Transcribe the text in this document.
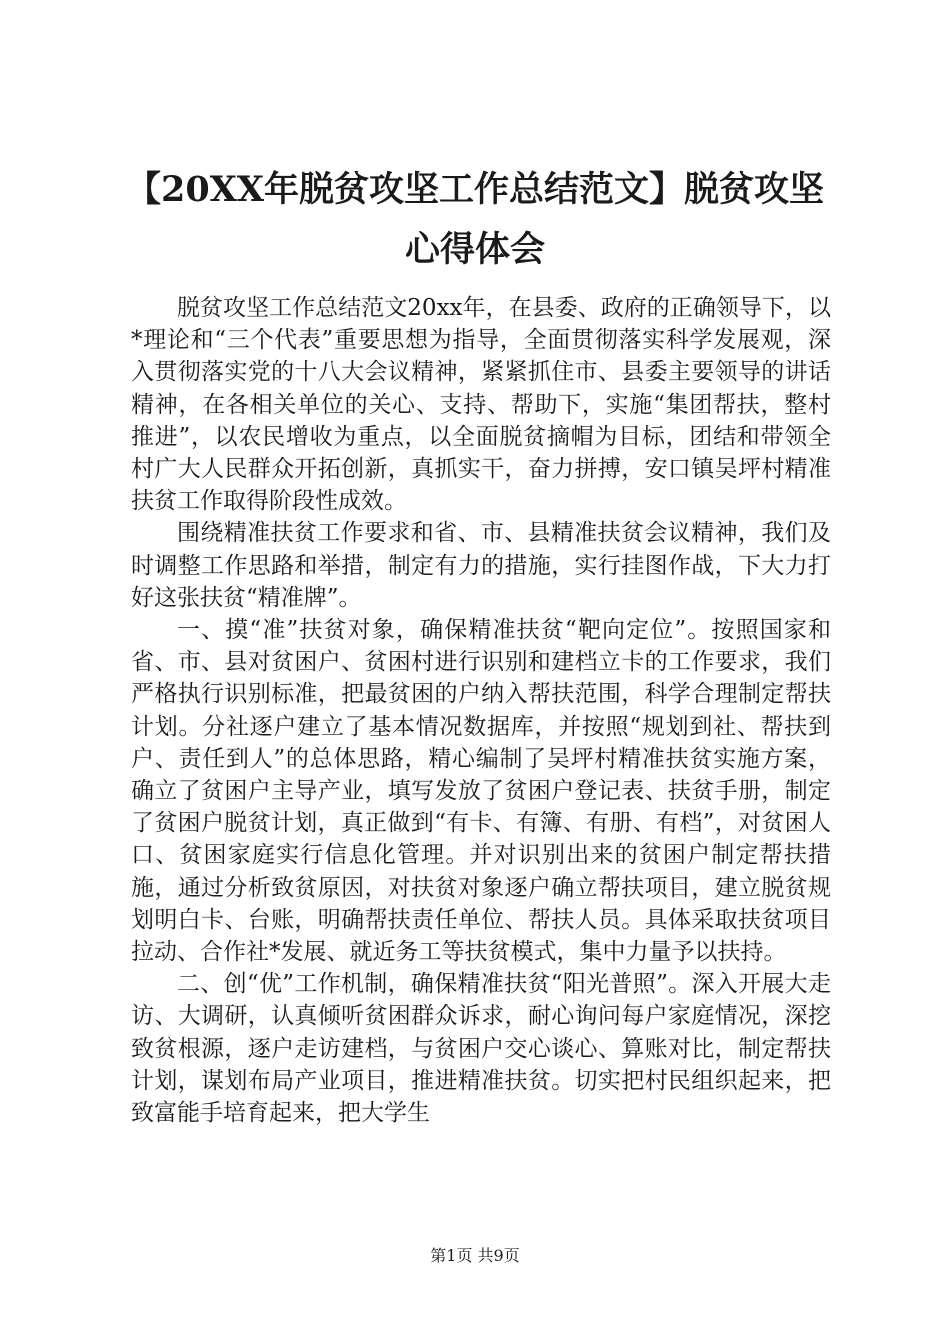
【20XX年脱贫攻坚工作总结范文】脱贫攻坚心得体会

脱贫攻坚工作总结范文20xx年，在县委、政府的正确领导下，以*理论和“三个代表”重要思想为指导，全面贯彻落实科学发展观，深入贯彻落实党的十八大会议精神，紧紧抓住市、县委主要领导的讲话精神，在各相关单位的关心、支持、帮助下，实施“集团帮扶，整村推进”，以农民增收为重点，以全面脱贫摘帽为目标，团结和带领全村广大人民群众开拓创新，真抓实干，奋力拼搏，安口镇吴坪村精准扶贫工作取得阶段性成效。

围绕精准扶贫工作要求和省、市、县精准扶贫会议精神，我们及时调整工作思路和举措，制定有力的措施，实行挂图作战，下大力打好这张扶贫“精准牌”。

一、摸“准”扶贫对象，确保精准扶贫“靶向定位”。按照国家和省、市、县对贫困户、贫困村进行识别和建档立卡的工作要求，我们严格执行识别标准，把最贫困的户纳入帮扶范围，科学合理制定帮扶计划。分社逐户建立了基本情况数据库，并按照“规划到社、帮扶到户、责任到人”的总体思路，精心编制了吴坪村精准扶贫实施方案，确立了贫困户主导产业，填写发放了贫困户登记表、扶贫手册，制定了贫困户脱贫计划，真正做到“有卡、有簿、有册、有档”，对贫困人口、贫困家庭实行信息化管理。并对识别出来的贫困户制定帮扶措施，通过分析致贫原因，对扶贫对象逐户确立帮扶项目，建立脱贫规划明白卡、台账，明确帮扶责任单位、帮扶人员。具体采取扶贫项目拉动、合作社*发展、就近务工等扶贫模式，集中力量予以扶持。

二、创“优”工作机制，确保精准扶贫“阳光普照”。深入开展大走访、大调研，认真倾听贫困群众诉求，耐心询问每户家庭情况，深挖致贫根源，逐户走访建档，与贫困户交心谈心、算账对比，制定帮扶计划，谋划布局产业项目，推进精准扶贫。切实把村民组织起来，把致富能手培育起来，把大学生

第1页 共9页
